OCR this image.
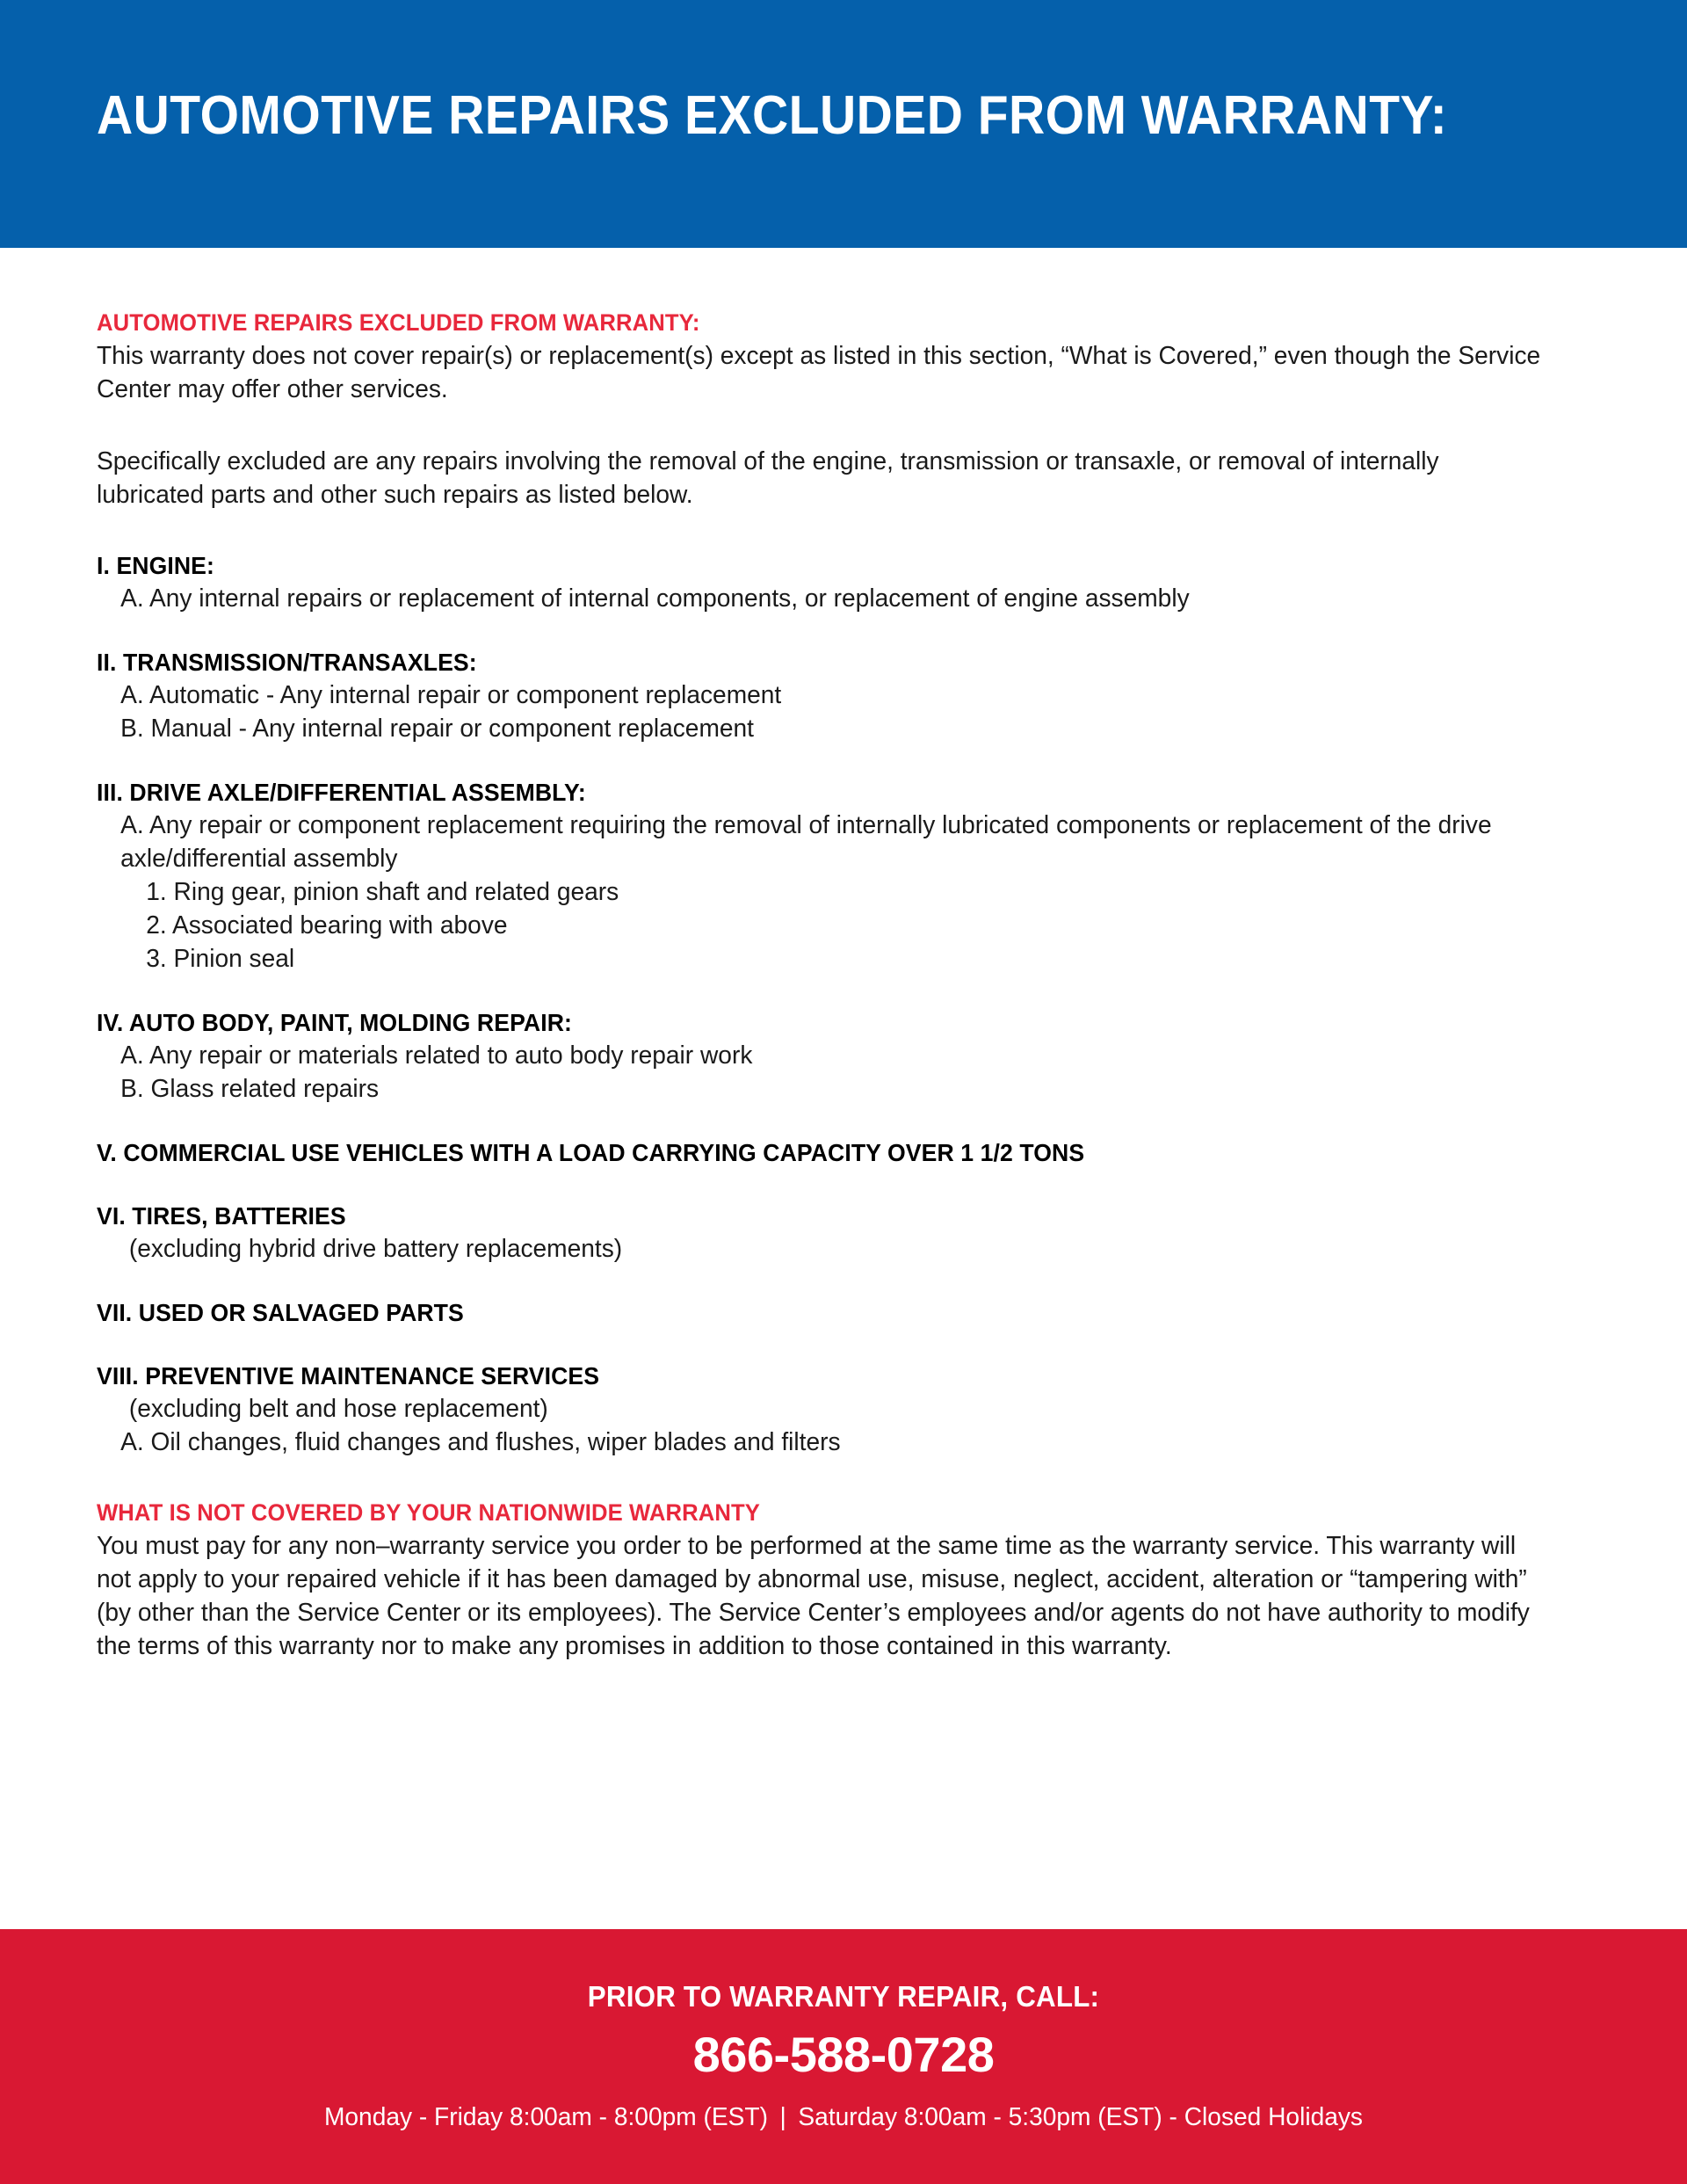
AUTOMOTIVE REPAIRS EXCLUDED FROM WARRANTY:
AUTOMOTIVE REPAIRS EXCLUDED FROM WARRANTY:

This warranty does not cover repair(s) or replacement(s) except as listed in this section, “What is Covered,” even though the Service Center may offer other services.

Specifically excluded are any repairs involving the removal of the engine, transmission or transaxle, or removal of internally lubricated parts and other such repairs as listed below.

I. ENGINE:

A. Any internal repairs or replacement of internal components, or replacement of engine assembly

II. TRANSMISSION/TRANSAXLES:

A. Automatic - Any internal repair or component replacement

B. Manual - Any internal repair or component replacement

III. DRIVE AXLE/DIFFERENTIAL ASSEMBLY:

A. Any repair or component replacement requiring the removal of internally lubricated components or replacement of the drive axle/differential assembly

1. Ring gear, pinion shaft and related gears

2. Associated bearing with above

3. Pinion seal

IV. AUTO BODY, PAINT, MOLDING REPAIR:

A. Any repair or materials related to auto body repair work

B. Glass related repairs

V. COMMERCIAL USE VEHICLES WITH A LOAD CARRYING CAPACITY OVER 1 1/2 TONS
VI. TIRES, BATTERIES

(excluding hybrid drive battery replacements)

VII. USED OR SALVAGED PARTS
VIII. PREVENTIVE MAINTENANCE SERVICES

(excluding belt and hose replacement)

A. Oil changes, fluid changes and flushes, wiper blades and filters

WHAT IS NOT COVERED BY YOUR NATIONWIDE WARRANTY

You must pay for any non–warranty service you order to be performed at the same time as the warranty service. This warranty will not apply to your repaired vehicle if it has been damaged by abnormal use, misuse, neglect, accident, alteration or “tampering with” (by other than the Service Center or its employees). The Service Center’s employees and/or agents do not have authority to modify the terms of this warranty nor to make any promises in addition to those contained in this warranty.

PRIOR TO WARRANTY REPAIR, CALL:

866-588-0728

Monday - Friday 8:00am - 8:00pm (EST) | Saturday 8:00am - 5:30pm (EST) - Closed Holidays
